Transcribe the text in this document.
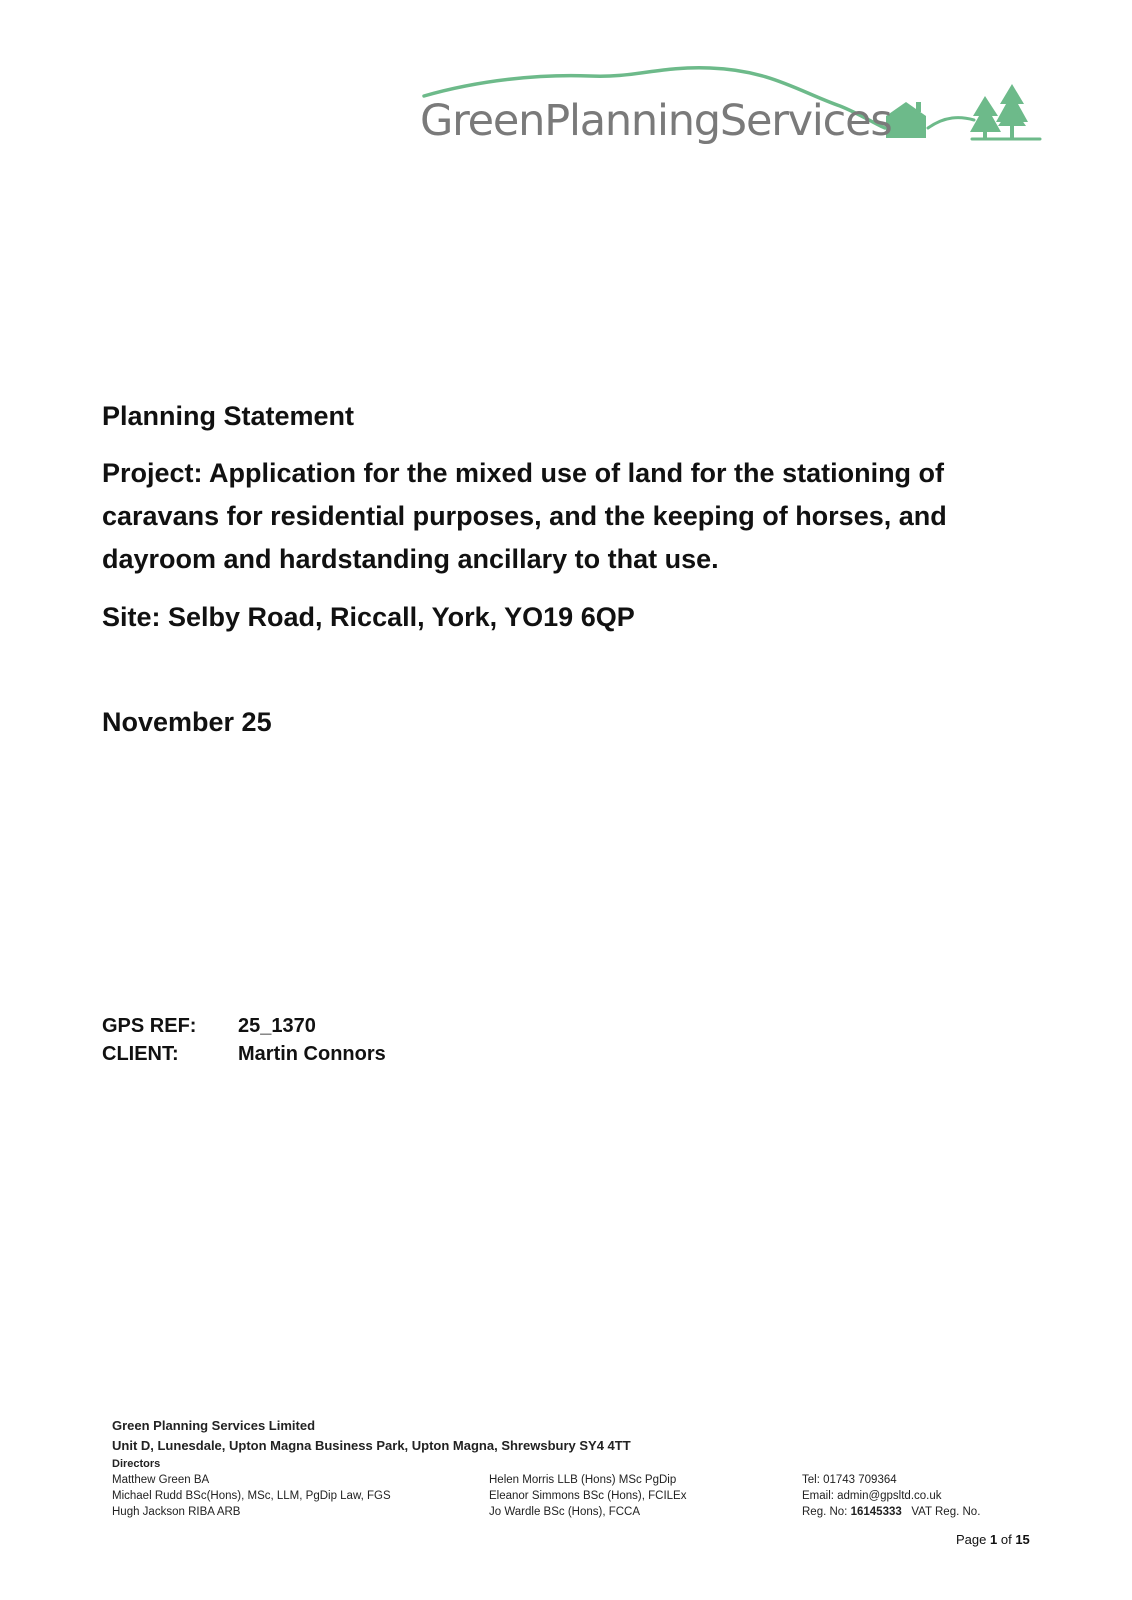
GreenPlanningServices
Planning Statement
Project: Application for the mixed use of land for the stationing of caravans for residential purposes, and the keeping of horses, and dayroom and hardstanding ancillary to that use.
Site: Selby Road, Riccall, York, YO19 6QP
November 25
GPS REF:	25_1370
CLIENT:	Martin Connors
Green Planning Services Limited
Unit D, Lunesdale, Upton Magna Business Park, Upton Magna, Shrewsbury SY4 4TT
Directors
Matthew Green BA
Michael Rudd BSc(Hons), MSc, LLM, PgDip Law, FGS
Hugh Jackson RIBA ARB
Helen Morris LLB (Hons) MSc PgDip
Eleanor Simmons BSc (Hons), FCILEx
Jo Wardle BSc (Hons), FCCA
Tel: 01743 709364
Email: admin@gpsltd.co.uk
Reg. No: 16145333 VAT Reg. No.
Page 1 of 15
